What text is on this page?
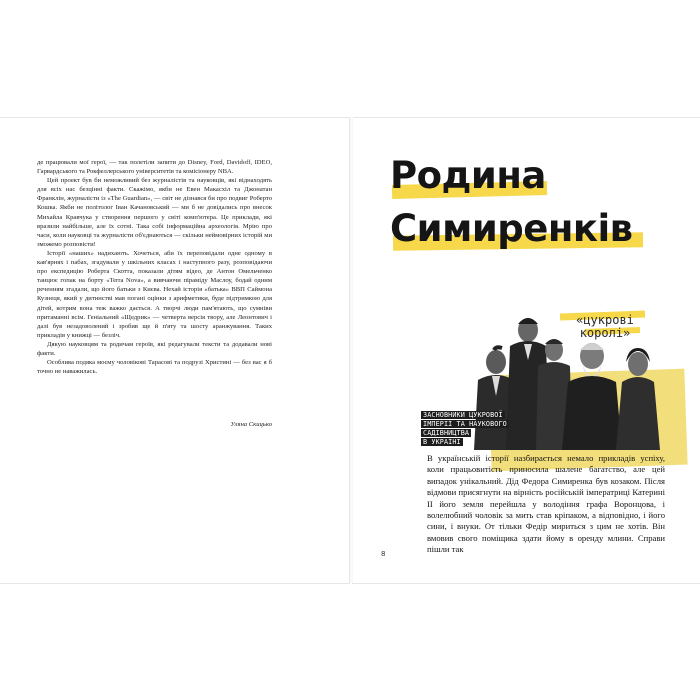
де працювали мої герої, — так полетіли запити до Disney, Ford, Davidoff, IDEO, Гарвардського та Рокфеллерського університетів та комісіонеру NBA.

Цей проект був би неможливий без журналістів та науковців, які віднаходять для всіх нас безцінні факти. Скажімо, якби не Евен Макасхіл та Джонатан Франклін, журналісти із «The Guardian», — світ не дізнався би про подвиг Роберто Кошка. Якби не політолог Іван Качановський — ми б не довідались про внесок Михайла Кравчука у створення першого у світі комп'ютера. Це приклади, які вразили найбільше, але їх сотні. Така собі інформаційна археологія. Мрію про часи, коли науковці та журналісти об'єднаються — скільки неймовірних історій ми зможемо розповісти!

Історії «наших» надихають. Хочеться, аби їх переповідали одне одному в кав'ярнях і пабах, згадували у шкільних класах і наступного разу, розповідаючи про експедицію Роберта Скотта, показали дітям відео, де Антон Омельченко танцює гопак на борту «Terra Nova», а вивчаючи піраміду Маслоу, бодай одним реченням згадали, що його батьки з Києва. Нехай історія «батька» ВВП Саймона Кузнеця, який у дитинстві мав погані оцінки з арифметики, буде підтримкою для дітей, котрим вона теж важко дається. А творчі люди пам'ятають, що сумніви притаманні всім. Геніальний «Щедрик» — четверта версія твору, але Леонтович і далі був незадоволений і зробив ще й п'яту та шосту аранжування. Таких прикладів у книжці — безліч.

Дякую науковцям та родичам героїв, які редагували тексти та додавали нові факти.

Особлива подяка моєму чоловікові Тарасові та подрузі Христині — без вас я б точно не наважилась.

Уляна Скицько
Родина
Симиренків
«цукрові
королі»
ЗАСНОВНИКИ ЦУКРОВОЇ
ІМПЕРІЇ ТА НАУКОВОГО
САДІВНИЦТВА
В УКРАЇНІ

В українській історії назбирається немало прикладів успіху, коли працьовитість приносила шалене багатство, але цей випадок унікальний. Дід Федора Симиренка був козаком. Після відмови присягнути на вірність російській імператриці Катерині ІІ його земля перейшла у володіння графа Воронцова, і волелюбний чоловік за мить став кріпаком, а відповідно, і його сини, і внуки. От тільки Федір мириться з цим не хотів. Він вмовив свого поміщика здати йому в оренду млини. Справи пішли так

8
